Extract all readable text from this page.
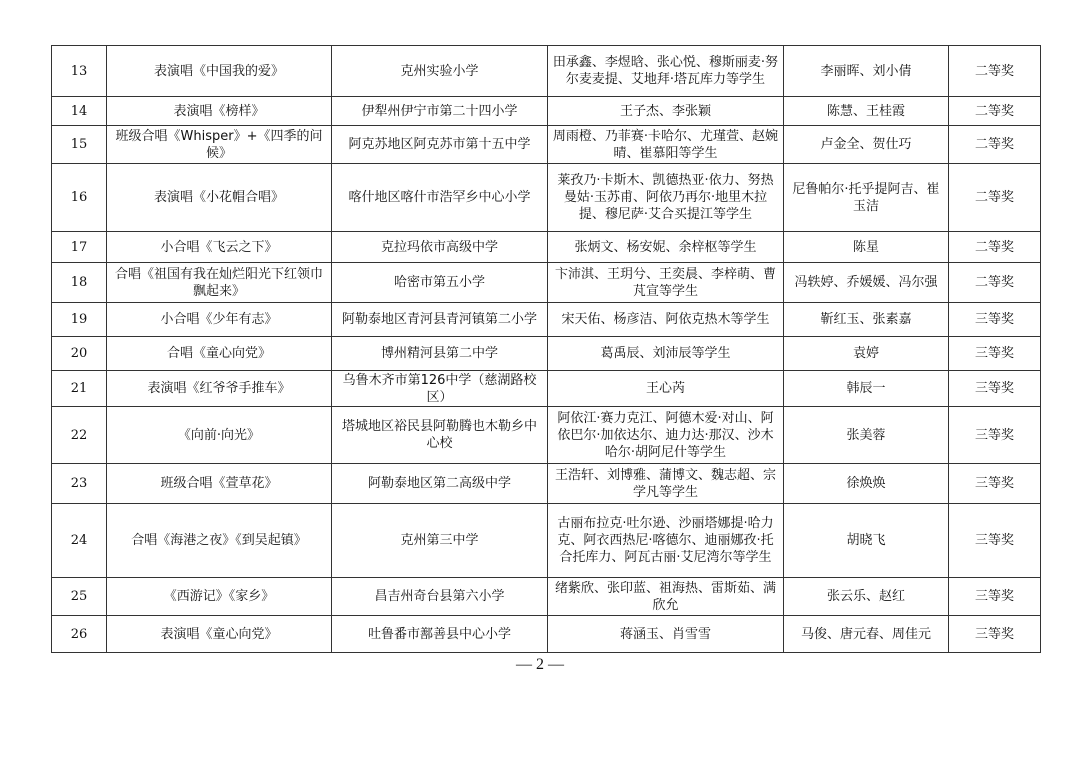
13	表演唱《中国我的爱》	克州实验小学	田承鑫、李煜晗、张心悦、穆斯丽麦·努尔麦麦提、艾地拜·塔瓦库力等学生	李丽晖、刘小倩	二等奖
14	表演唱《榜样》	伊犁州伊宁市第二十四小学	王子杰、李张颖	陈慧、王桂霞	二等奖
15	班级合唱《Whisper》+《四季的问候》	阿克苏地区阿克苏市第十五中学	周雨橙、乃菲赛·卡哈尔、尤瑾萱、赵婉晴、崔慕阳等学生	卢金全、贺仕巧	二等奖
16	表演唱《小花帽合唱》	喀什地区喀什市浩罕乡中心小学	莱孜乃·卡斯木、凯德热亚·依力、努热曼姑·玉苏甫、阿依乃再尔·地里木拉提、穆尼萨·艾合买提江等学生	尼鲁帕尔·托乎提阿吉、崔玉洁	二等奖
17	小合唱《飞云之下》	克拉玛依市高级中学	张炳文、杨安妮、余梓枢等学生	陈星	二等奖
18	合唱《祖国有我在灿烂阳光下红领巾飘起来》	哈密市第五小学	卞沛淇、王玥兮、王奕晨、李梓萌、曹芃宣等学生	冯轶婷、乔媛媛、冯尔强	二等奖
19	小合唱《少年有志》	阿勒泰地区青河县青河镇第二小学	宋天佑、杨彦洁、阿依克热木等学生	靳红玉、张素嘉	三等奖
20	合唱《童心向党》	博州精河县第二中学	葛禹辰、刘沛辰等学生	袁婷	三等奖
21	表演唱《红爷爷手推车》	乌鲁木齐市第126中学（慈湖路校区）	王心芮	韩辰一	三等奖
22	《向前·向光》	塔城地区裕民县阿勒腾也木勒乡中心校	阿依江·赛力克江、阿德木爱·对山、阿依巴尔·加依达尔、迪力达·那汉、沙木哈尔·胡阿尼什等学生	张美蓉	三等奖
23	班级合唱《萱草花》	阿勒泰地区第二高级中学	王浩轩、刘博雅、蒲博文、魏志超、宗学凡等学生	徐焕焕	三等奖
24	合唱《海港之夜》《到吴起镇》	克州第三中学	古丽布拉克·吐尔逊、沙丽塔娜提·哈力克、阿衣西热尼·喀德尔、迪丽娜孜·托合托库力、阿瓦古丽·艾尼湾尔等学生	胡晓飞	三等奖
25	《西游记》《家乡》	昌吉州奇台县第六小学	绪紫欣、张印蓝、祖海热、雷斯茹、满欣允	张云乐、赵红	三等奖
26	表演唱《童心向党》	吐鲁番市鄯善县中心小学	蒋涵玉、肖雪雪	马俊、唐元春、周佳元	三等奖
— 2 —
